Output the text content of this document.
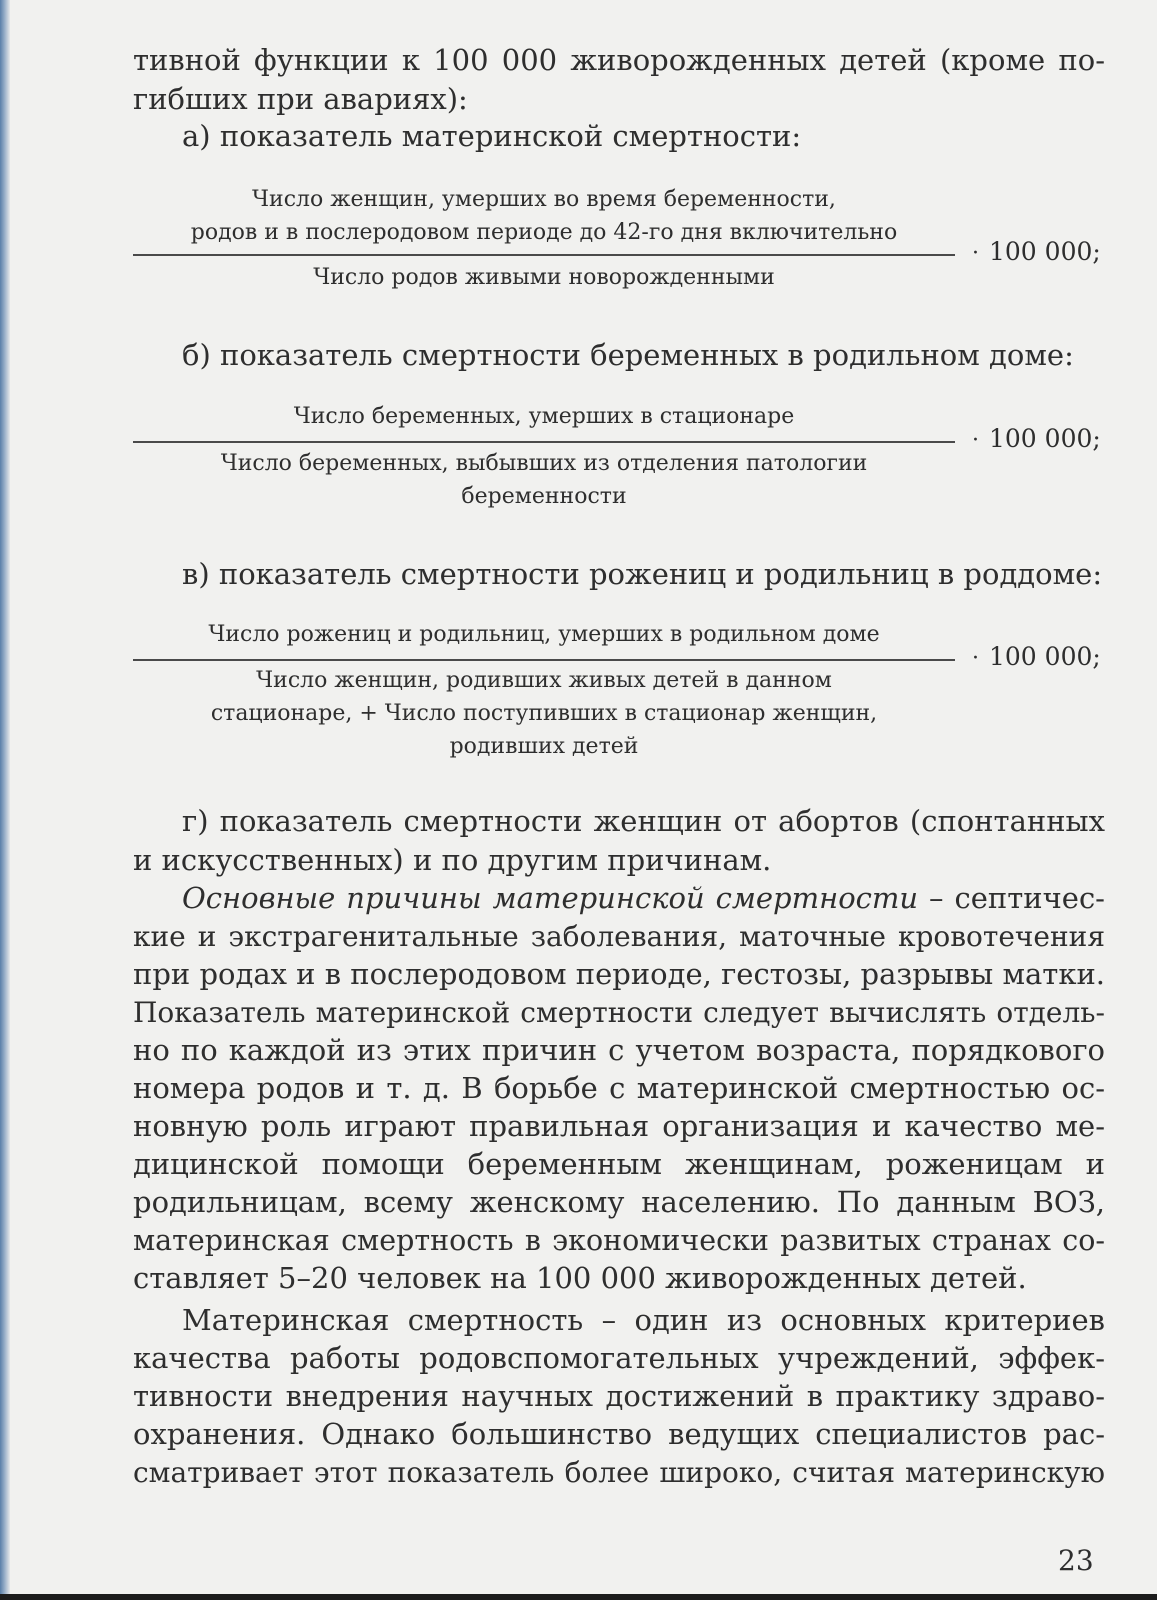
тивной функции к 100 000 живорожденных детей (кроме по-
гибших при авариях):
а) показатель материнской смертности:
Число женщин, умерших во время беременности,
родов и в послеродовом периоде до 42-го дня включительно
Число родов живыми новорожденными
· 100 000;
б) показатель смертности беременных в родильном доме:
Число беременных, умерших в стационаре
Число беременных, выбывших из отделения патологии
беременности
· 100 000;
в) показатель смертности рожениц и родильниц в роддоме:
Число рожениц и родильниц, умерших в родильном доме
Число женщин, родивших живых детей в данном
стационаре, + Число поступивших в стационар женщин,
родивших детей
· 100 000;
г) показатель смертности женщин от абортов (спонтанных
и искусственных) и по другим причинам.
Основные причины материнской смертности – септичес-
кие и экстрагенитальные заболевания, маточные кровотечения
при родах и в послеродовом периоде, гестозы, разрывы матки.
Показатель материнской смертности следует вычислять отдель-
но по каждой из этих причин с учетом возраста, порядкового
номера родов и т. д. В борьбе с материнской смертностью ос-
новную роль играют правильная организация и качество ме-
дицинской помощи беременным женщинам, роженицам и
родильницам, всему женскому населению. По данным ВОЗ,
материнская смертность в экономически развитых странах со-
ставляет 5–20 человек на 100 000 живорожденных детей.
Материнская смертность – один из основных критериев
качества работы родовспомогательных учреждений, эффек-
тивности внедрения научных достижений в практику здраво-
охранения. Однако большинство ведущих специалистов рас-
сматривает этот показатель более широко, считая материнскую
23
